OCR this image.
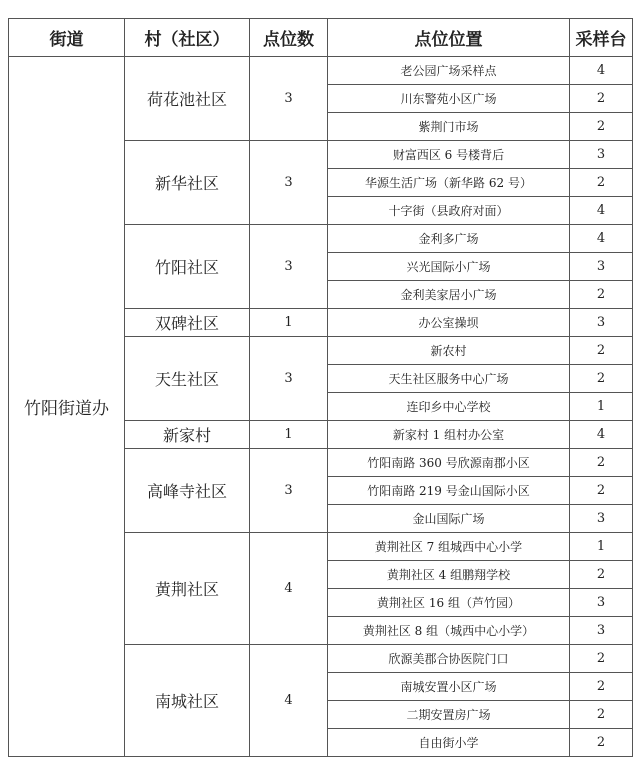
街道	村（社区）	点位数	点位位置	采样台
竹阳街道办	荷花池社区	3	老公园广场采样点	4
			川东警苑小区广场	2
			紫荆门市场	2
	新华社区	3	财富西区 6 号楼背后	3
			华源生活广场（新华路 62 号）	2
			十字街（县政府对面）	4
	竹阳社区	3	金利多广场	4
			兴光国际小广场	3
			金利美家居小广场	2
	双碑社区	1	办公室操坝	3
	天生社区	3	新农村	2
			天生社区服务中心广场	2
			连印乡中心学校	1
	新家村	1	新家村 1 组村办公室	4
	高峰寺社区	3	竹阳南路 360 号欣源南郡小区	2
			竹阳南路 219 号金山国际小区	2
			金山国际广场	3
	黄荆社区	4	黄荆社区 7 组城西中心小学	1
			黄荆社区 4 组鹏翔学校	2
			黄荆社区 16 组（芦竹园）	3
			黄荆社区 8 组（城西中心小学）	3
	南城社区	4	欣源美郡合协医院门口	2
			南城安置小区广场	2
			二期安置房广场	2
			自由街小学	2
